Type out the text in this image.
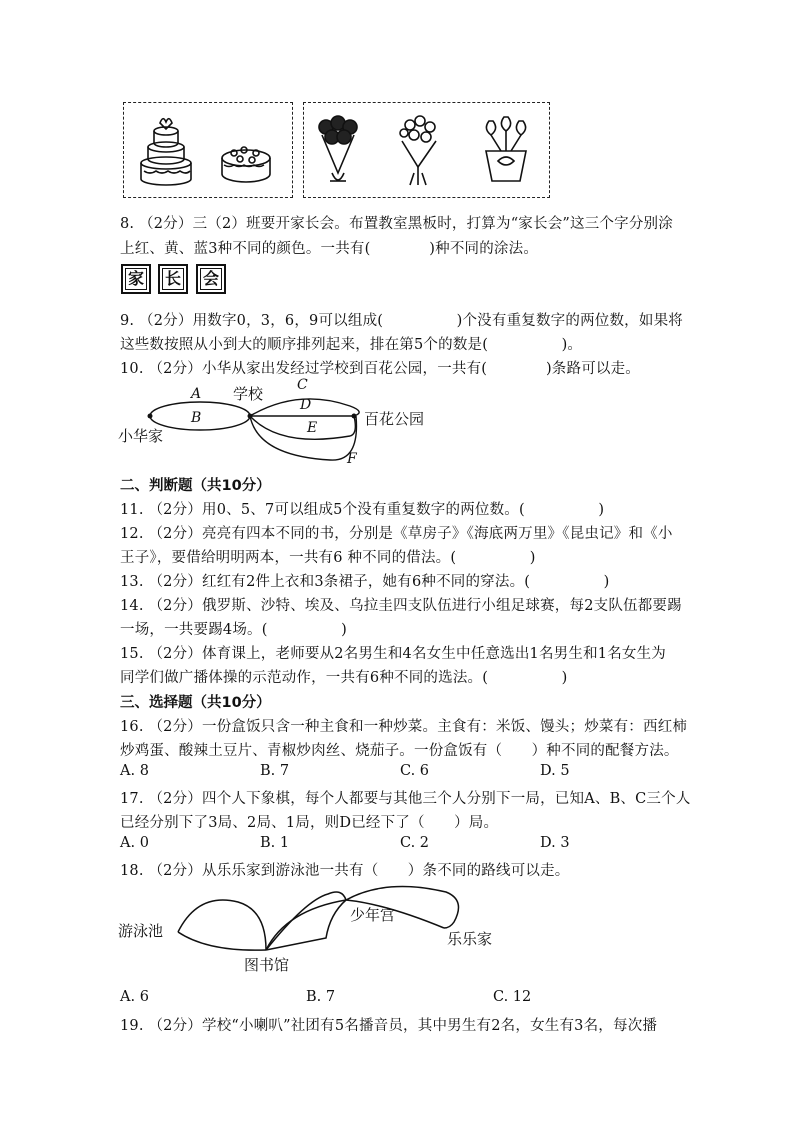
8. （2分）三（2）班要开家长会。布置教室黑板时，打算为“家长会”这三个字分别涂
上红、黄、蓝3种不同的颜色。一共有(　　　　)种不同的涂法。
家 长 会
9. （2分）用数字0，3，6，9可以组成(　　　　　)个没有重复数字的两位数，如果将
这些数按照从小到大的顺序排列起来，排在第5个的数是(　　　　　)。
10. （2分）小华从家出发经过学校到百花公园，一共有(　　　　)条路可以走。
A 学校 C
B
D
百花公园
小华家	E
F
二、判断题（共10分）
11. （2分）用0、5、7可以组成5个没有重复数字的两位数。(　　　　　)
12. （2分）亮亮有四本不同的书，分别是《草房子》《海底两万里》《昆虫记》和《小
王子》，要借给明明两本，一共有6 种不同的借法。(　　　　　)
13. （2分）红红有2件上衣和3条裙子，她有6种不同的穿法。(　　　　　)
14. （2分）俄罗斯、沙特、埃及、乌拉圭四支队伍进行小组足球赛，每2支队伍都要踢
一场，一共要踢4场。(　　　　　)
15. （2分）体育课上，老师要从2名男生和4名女生中任意选出1名男生和1名女生为
同学们做广播体操的示范动作，一共有6种不同的选法。(　　　　　)
三、选择题（共10分）
16. （2分）一份盒饭只含一种主食和一种炒菜。主食有：米饭、馒头；炒菜有：西红柿
炒鸡蛋、酸辣土豆片、青椒炒肉丝、烧茄子。一份盒饭有（　　）种不同的配餐方法。
A. 8	B. 7	C. 6	D. 5
17. （2分）四个人下象棋，每个人都要与其他三个人分别下一局，已知A、B、C三个人
已经分别下了3局、2局、1局，则D已经下了（　　）局。
A. 0	B. 1	C. 2	D. 3
18. （2分）从乐乐家到游泳池一共有（　　）条不同的路线可以走。
游泳池
少年宫
乐乐家
图书馆
A. 6	B. 7	C. 12
19. （2分）学校“小喇叭”社团有5名播音员，其中男生有2名，女生有3名，每次播
